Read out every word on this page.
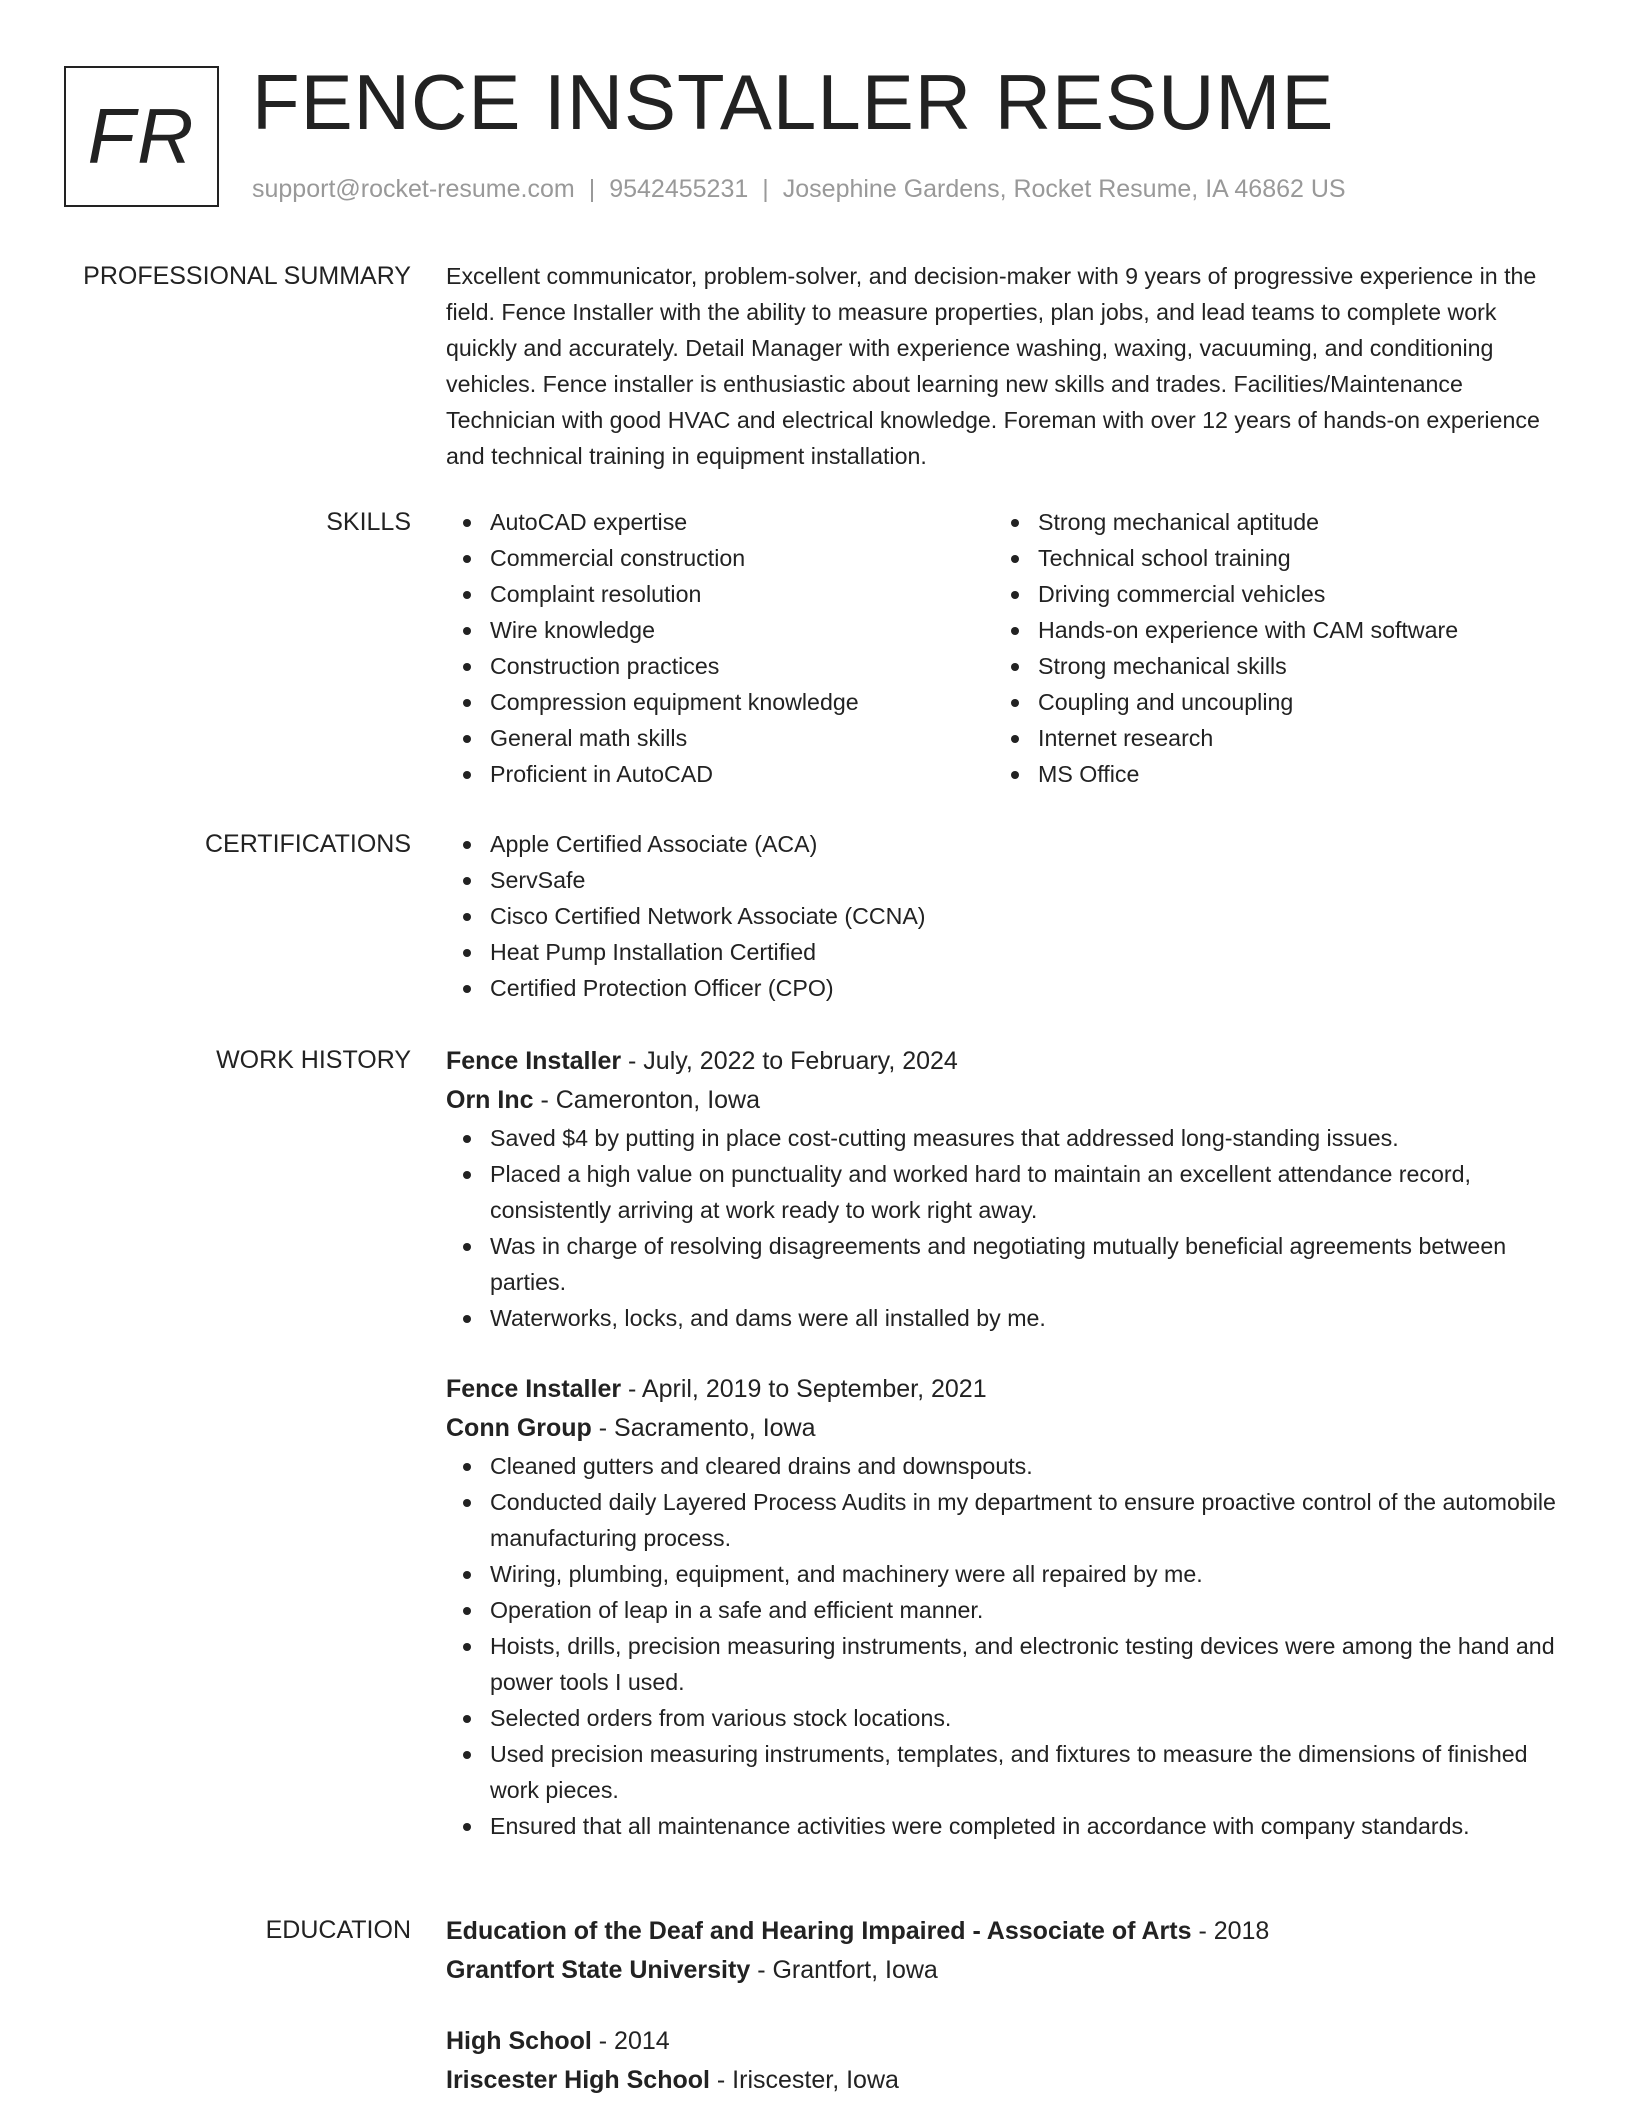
FR FENCE INSTALLER RESUME
support@rocket-resume.com | 9542455231 | Josephine Gardens, Rocket Resume, IA 46862 US
PROFESSIONAL SUMMARY Excellent communicator, problem-solver, and decision-maker with 9 years of progressive experience in the field. Fence Installer with the ability to measure properties, plan jobs, and lead teams to complete work quickly and accurately. Detail Manager with experience washing, waxing, vacuuming, and conditioning vehicles. Fence installer is enthusiastic about learning new skills and trades. Facilities/Maintenance Technician with good HVAC and electrical knowledge. Foreman with over 12 years of hands-on experience and technical training in equipment installation.

SKILLS	AutoCAD expertise
Commercial construction
Complaint resolution
Wire knowledge
Construction practices
Compression equipment knowledge
General math skills
Proficient in AutoCAD
Strong mechanical aptitude
Technical school training
Driving commercial vehicles
Hands-on experience with CAM software
Strong mechanical skills
Coupling and uncoupling
Internet research
MS Office
CERTIFICATIONS	Apple Certified Associate (ACA)
ServSafe
Cisco Certified Network Associate (CCNA)
Heat Pump Installation Certified
Certified Protection Officer (CPO)
WORK HISTORY Fence Installer - July, 2022 to February, 2024
Orn Inc - Cameronton, Iowa
Saved $4 by putting in place cost-cutting measures that addressed long-standing issues.
Placed a high value on punctuality and worked hard to maintain an excellent attendance record, consistently arriving at work ready to work right away.
Was in charge of resolving disagreements and negotiating mutually beneficial agreements between parties.
Waterworks, locks, and dams were all installed by me.
Fence Installer - April, 2019 to September, 2021
Conn Group - Sacramento, Iowa
Cleaned gutters and cleared drains and downspouts.
Conducted daily Layered Process Audits in my department to ensure proactive control of the automobile manufacturing process.
Wiring, plumbing, equipment, and machinery were all repaired by me.
Operation of leap in a safe and efficient manner.
Hoists, drills, precision measuring instruments, and electronic testing devices were among the hand and power tools I used.
Selected orders from various stock locations.
Used precision measuring instruments, templates, and fixtures to measure the dimensions of finished work pieces.
Ensured that all maintenance activities were completed in accordance with company standards.
EDUCATION Education of the Deaf and Hearing Impaired - Associate of Arts - 2018
Grantfort State University - Grantfort, Iowa
High School - 2014
Iriscester High School - Iriscester, Iowa
